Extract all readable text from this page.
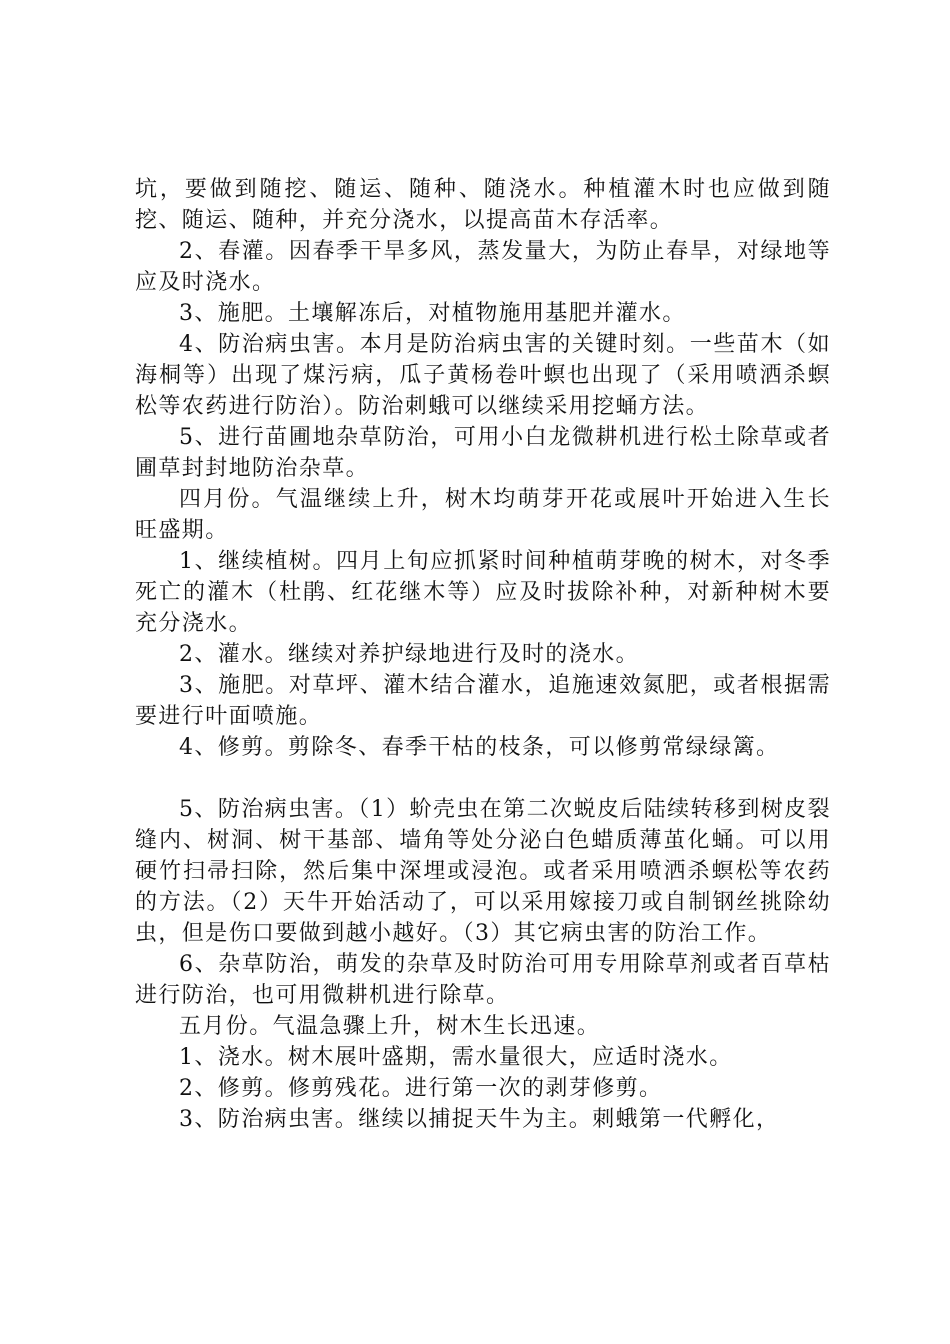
坑，要做到随挖、随运、随种、随浇水。种植灌木时也应做到随挖、随运、随种，并充分浇水，以提高苗木存活率。

2、春灌。因春季干旱多风，蒸发量大，为防止春旱，对绿地等应及时浇水。

3、施肥。土壤解冻后，对植物施用基肥并灌水。

4、防治病虫害。本月是防治病虫害的关键时刻。一些苗木（如海桐等）出现了煤污病，瓜子黄杨卷叶螟也出现了（采用喷洒杀螟松等农药进行防治）。防治刺蛾可以继续采用挖蛹方法。

5、进行苗圃地杂草防治，可用小白龙微耕机进行松土除草或者圃草封封地防治杂草。

四月份。气温继续上升，树木均萌芽开花或展叶开始进入生长旺盛期。

1、继续植树。四月上旬应抓紧时间种植萌芽晚的树木，对冬季死亡的灌木（杜鹃、红花继木等）应及时拔除补种，对新种树木要充分浇水。

2、灌水。继续对养护绿地进行及时的浇水。

3、施肥。对草坪、灌木结合灌水，追施速效氮肥，或者根据需要进行叶面喷施。

4、修剪。剪除冬、春季干枯的枝条，可以修剪常绿绿篱。

5、防治病虫害。（1）蚧壳虫在第二次蜕皮后陆续转移到树皮裂缝内、树洞、树干基部、墙角等处分泌白色蜡质薄茧化蛹。可以用硬竹扫帚扫除，然后集中深埋或浸泡。或者采用喷洒杀螟松等农药的方法。（2）天牛开始活动了，可以采用嫁接刀或自制钢丝挑除幼虫，但是伤口要做到越小越好。（3）其它病虫害的防治工作。

6、杂草防治，萌发的杂草及时防治可用专用除草剂或者百草枯进行防治，也可用微耕机进行除草。

五月份。气温急骤上升，树木生长迅速。

1、浇水。树木展叶盛期，需水量很大，应适时浇水。

2、修剪。修剪残花。进行第一次的剥芽修剪。

3、防治病虫害。继续以捕捉天牛为主。刺蛾第一代孵化，
